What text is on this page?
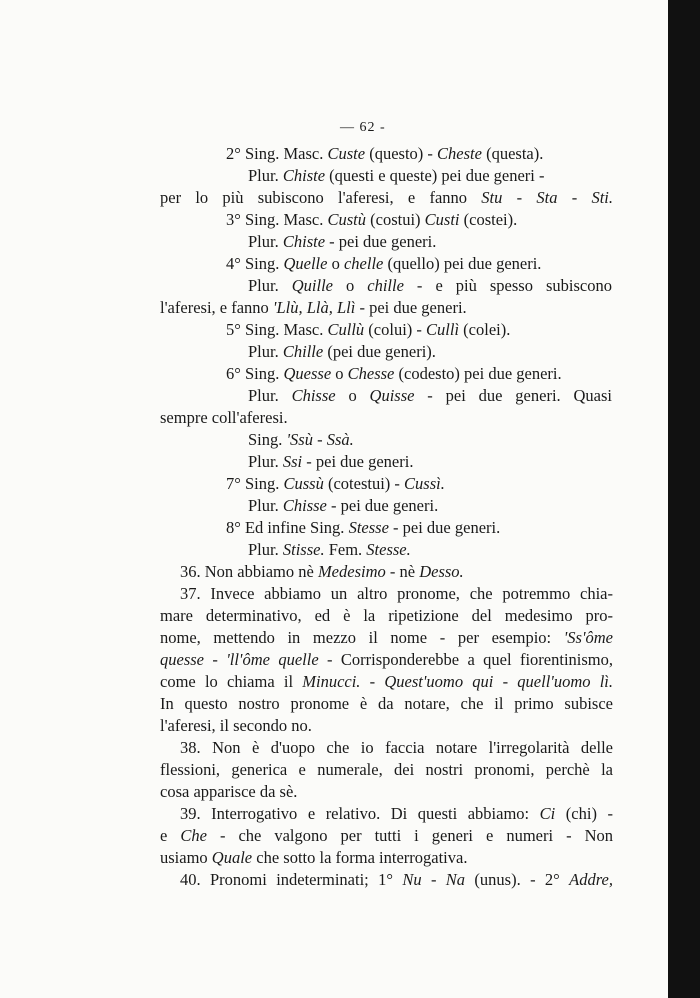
— 62 -
2° Sing. Masc. Custe (questo) - Cheste (questa).
Plur. Chiste (questi e queste) pei due generi -
per lo più subiscono l'aferesi, e fanno Stu - Sta - Sti.
3° Sing. Masc. Custù (costui) Custi (costei).
Plur. Chiste - pei due generi.
4° Sing. Quelle o chelle (quello) pei due generi.
Plur. Quille o chille - e più spesso subiscono
l'aferesi, e fanno 'Llù, Llà, Llì - pei due generi.
5° Sing. Masc. Cullù (colui) - Cullì (colei).
Plur. Chille (pei due generi).
6° Sing. Quesse o Chesse (codesto) pei due generi.
Plur. Chisse o Quisse - pei due generi. Quasi
sempre coll'aferesi.
Sing. 'Ssù - Ssà.
Plur. Ssi - pei due generi.
7° Sing. Cussù (cotestui) - Cussì.
Plur. Chisse - pei due generi.
8° Ed infine Sing. Stesse - pei due generi.
Plur. Stisse. Fem. Stesse.
36. Non abbiamo nè Medesimo - nè Desso.
37. Invece abbiamo un altro pronome, che potremmo chia-
mare determinativo, ed è la ripetizione del medesimo pro-
nome, mettendo in mezzo il nome - per esempio: 'Ss'ôme
quesse - 'll'ôme quelle - Corrisponderebbe a quel fiorentinismo,
come lo chiama il Minucci. - Quest'uomo qui - quell'uomo lì.
In questo nostro pronome è da notare, che il primo subisce
l'aferesi, il secondo no.
38. Non è d'uopo che io faccia notare l'irregolarità delle
flessioni, generica e numerale, dei nostri pronomi, perchè la
cosa apparisce da sè.
39. Interrogativo e relativo. Di questi abbiamo: Ci (chi) -
e Che - che valgono per tutti i generi e numeri - Non
usiamo Quale che sotto la forma interrogativa.
40. Pronomi indeterminati; 1° Nu - Na (unus). - 2° Addre,
